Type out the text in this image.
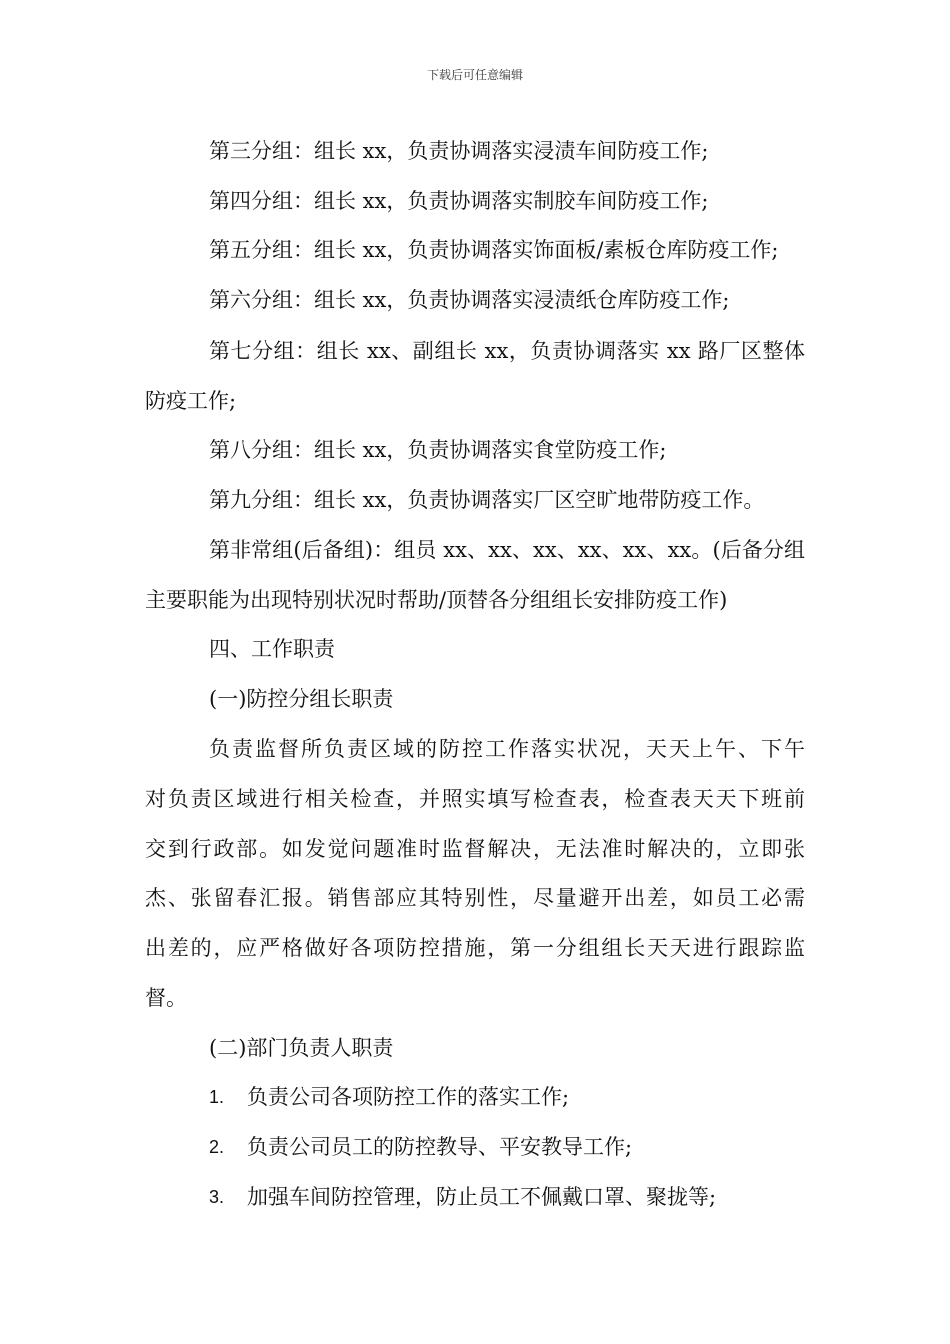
下载后可任意编辑
第三分组：组长 xx，负责协调落实浸渍车间防疫工作;
第四分组：组长 xx，负责协调落实制胶车间防疫工作;
第五分组：组长 xx，负责协调落实饰面板/素板仓库防疫工作;
第六分组：组长 xx，负责协调落实浸渍纸仓库防疫工作;
第七分组：组长 xx、副组长 xx，负责协调落实 xx 路厂区整体
防疫工作;
第八分组：组长 xx，负责协调落实食堂防疫工作;
第九分组：组长 xx，负责协调落实厂区空旷地带防疫工作。
第非常组(后备组)：组员 xx、xx、xx、xx、xx、xx。(后备分组
主要职能为出现特别状况时帮助/顶替各分组组长安排防疫工作)
四、工作职责
(一)防控分组长职责
负责监督所负责区域的防控工作落实状况，天天上午、下午
对负责区域进行相关检查，并照实填写检查表，检查表天天下班前
交到行政部。如发觉问题准时监督解决，无法准时解决的，立即张
杰、张留春汇报。销售部应其特别性，尽量避开出差，如员工必需
出差的，应严格做好各项防控措施，第一分组组长天天进行跟踪监
督。
(二)部门负责人职责
1. 负责公司各项防控工作的落实工作;
2. 负责公司员工的防控教导、平安教导工作;
3. 加强车间防控管理，防止员工不佩戴口罩、聚拢等;
